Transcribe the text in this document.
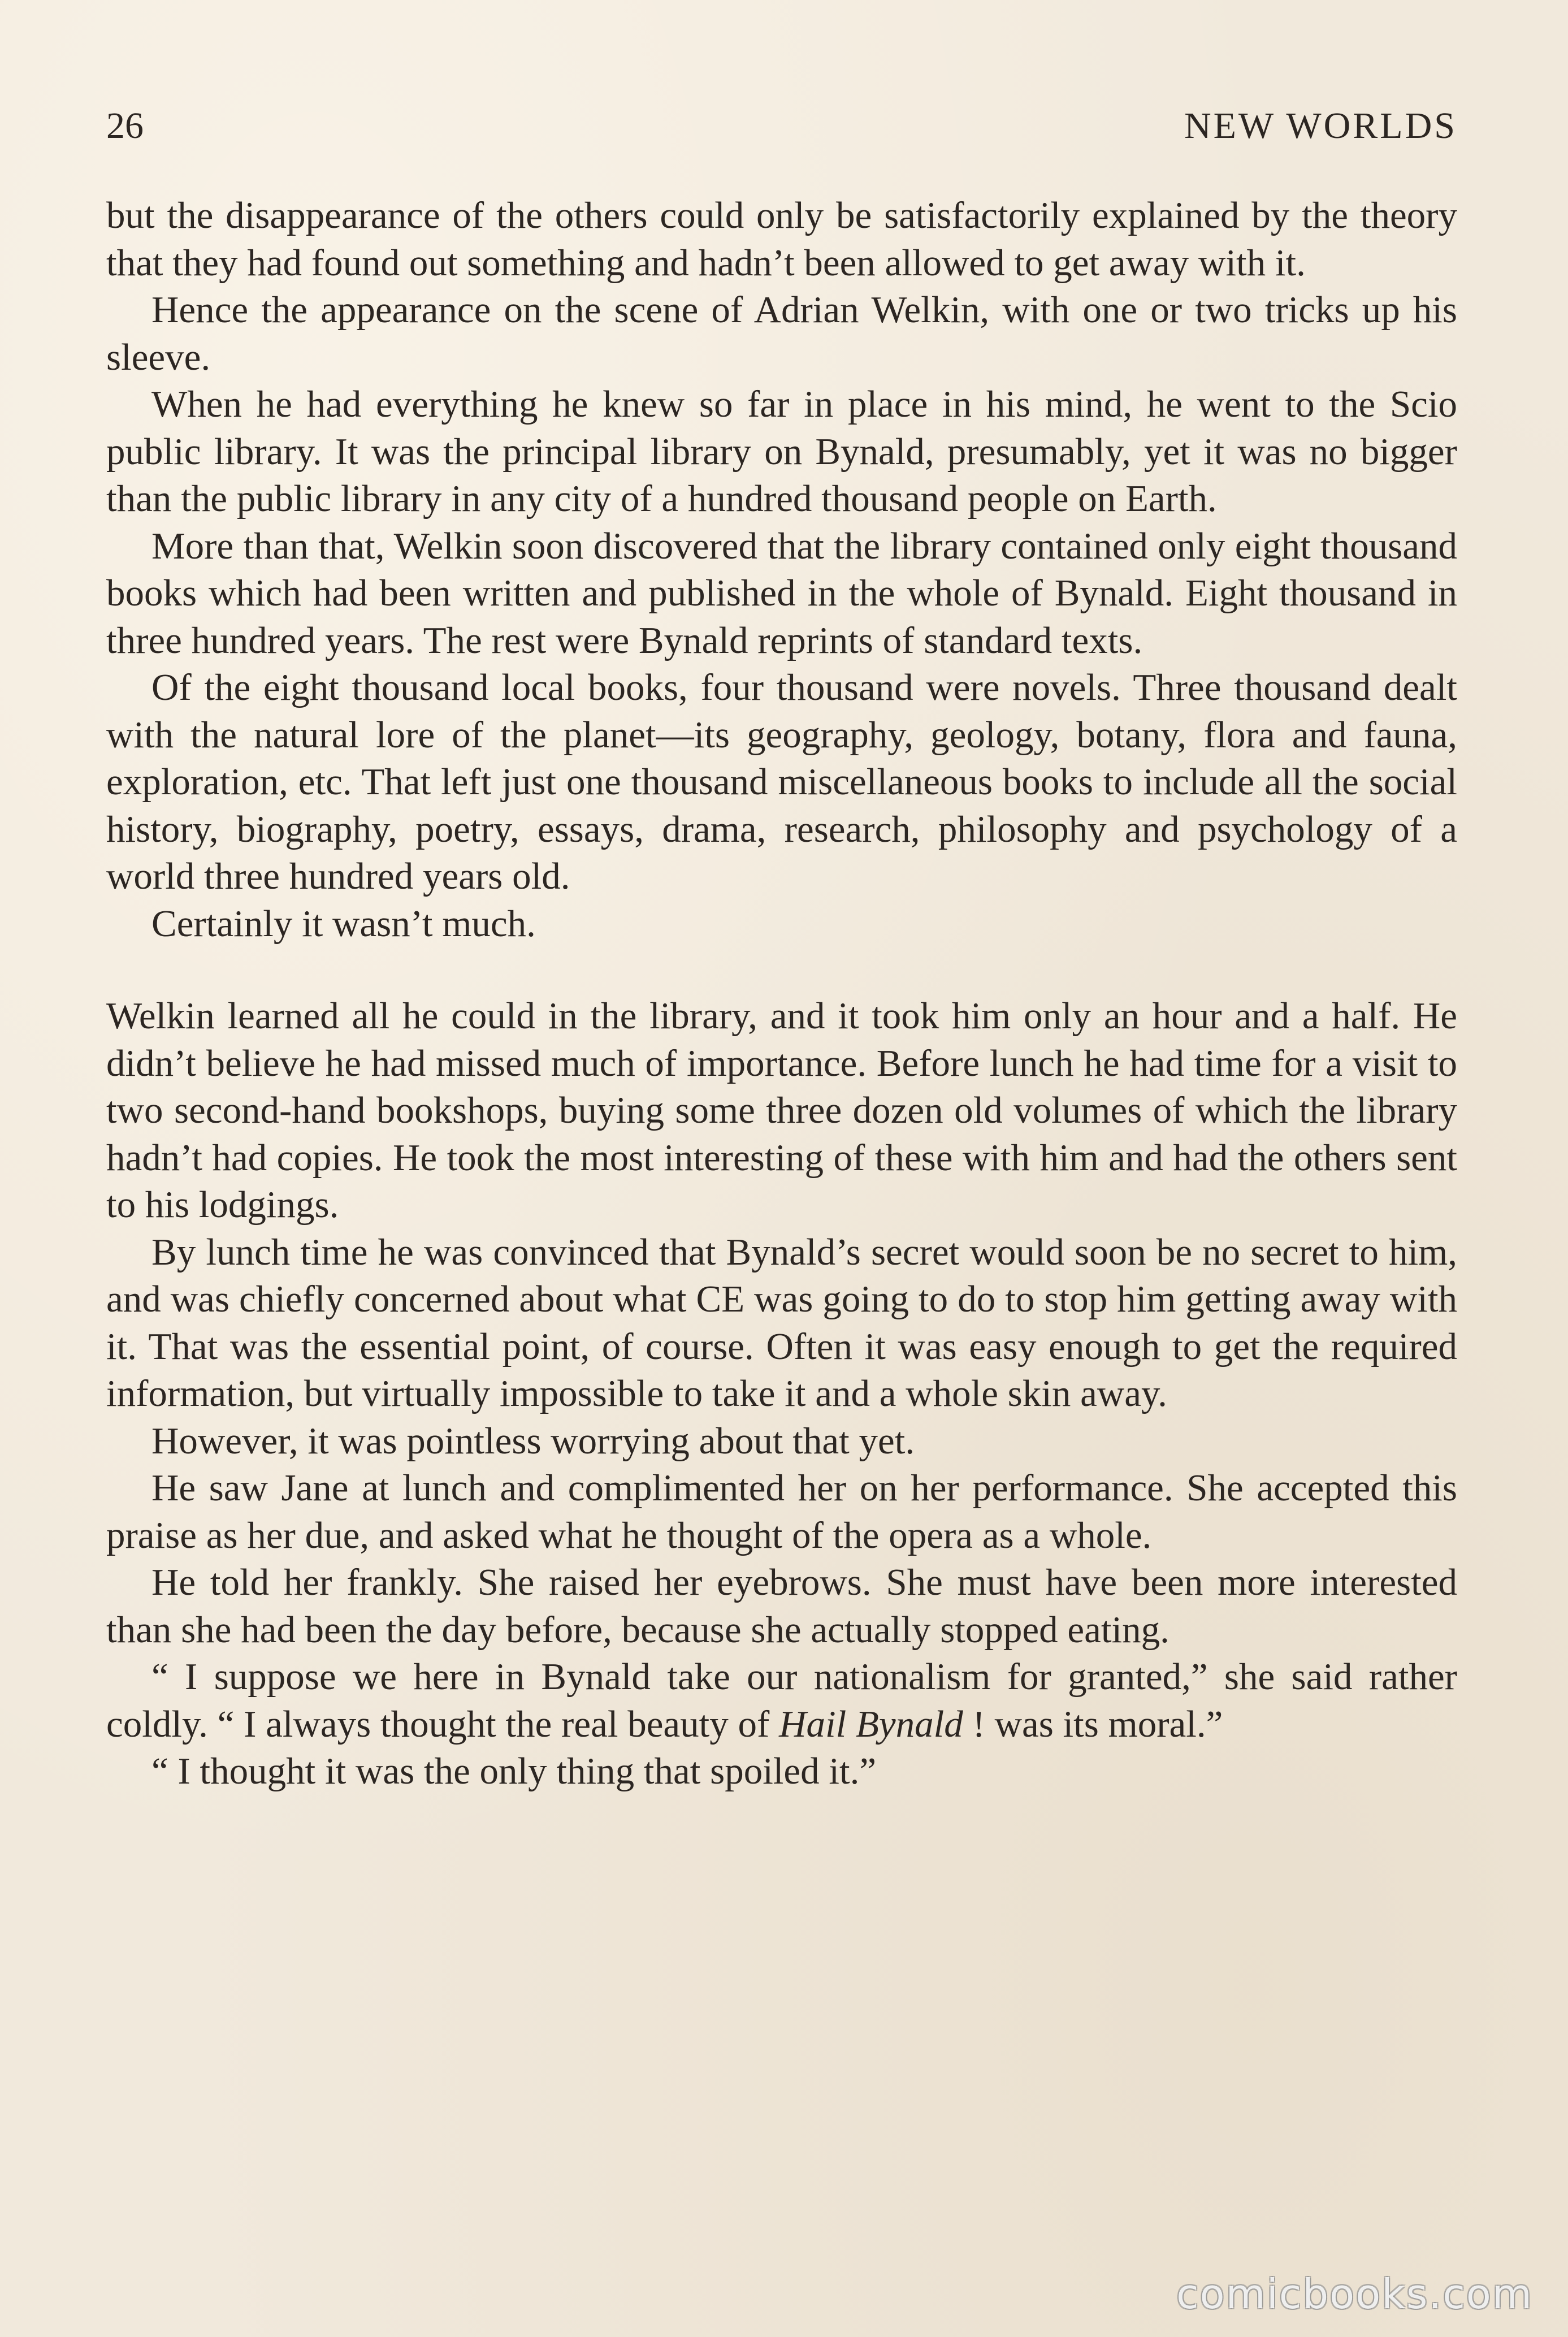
26	NEW WORLDS

but the disappearance of the others could only be satisfactorily explained by the theory that they had found out something and hadn’t been allowed to get away with it.

Hence the appearance on the scene of Adrian Welkin, with one or two tricks up his sleeve.

When he had everything he knew so far in place in his mind, he went to the Scio public library. It was the principal library on Bynald, presumably, yet it was no bigger than the public library in any city of a hundred thousand people on Earth.

More than that, Welkin soon discovered that the library contained only eight thousand books which had been written and published in the whole of Bynald. Eight thousand in three hundred years. The rest were Bynald reprints of standard texts.

Of the eight thousand local books, four thousand were novels. Three thousand dealt with the natural lore of the planet—its geography, geology, botany, flora and fauna, exploration, etc. That left just one thousand miscellaneous books to include all the social history, biography, poetry, essays, drama, research, philosophy and psychology of a world three hundred years old.

Certainly it wasn’t much.

Welkin learned all he could in the library, and it took him only an hour and a half. He didn’t believe he had missed much of importance. Before lunch he had time for a visit to two second-hand bookshops, buying some three dozen old volumes of which the library hadn’t had copies. He took the most interesting of these with him and had the others sent to his lodgings.

By lunch time he was convinced that Bynald’s secret would soon be no secret to him, and was chiefly concerned about what CE was going to do to stop him getting away with it. That was the essential point, of course. Often it was easy enough to get the required information, but virtually impossible to take it and a whole skin away.

However, it was pointless worrying about that yet.

He saw Jane at lunch and complimented her on her performance. She accepted this praise as her due, and asked what he thought of the opera as a whole.

He told her frankly. She raised her eyebrows. She must have been more interested than she had been the day before, because she actually stopped eating.

“ I suppose we here in Bynald take our nationalism for granted,” she said rather coldly. “ I always thought the real beauty of Hail Bynald ! was its moral.”

“ I thought it was the only thing that spoiled it.”

comicbooks.com
